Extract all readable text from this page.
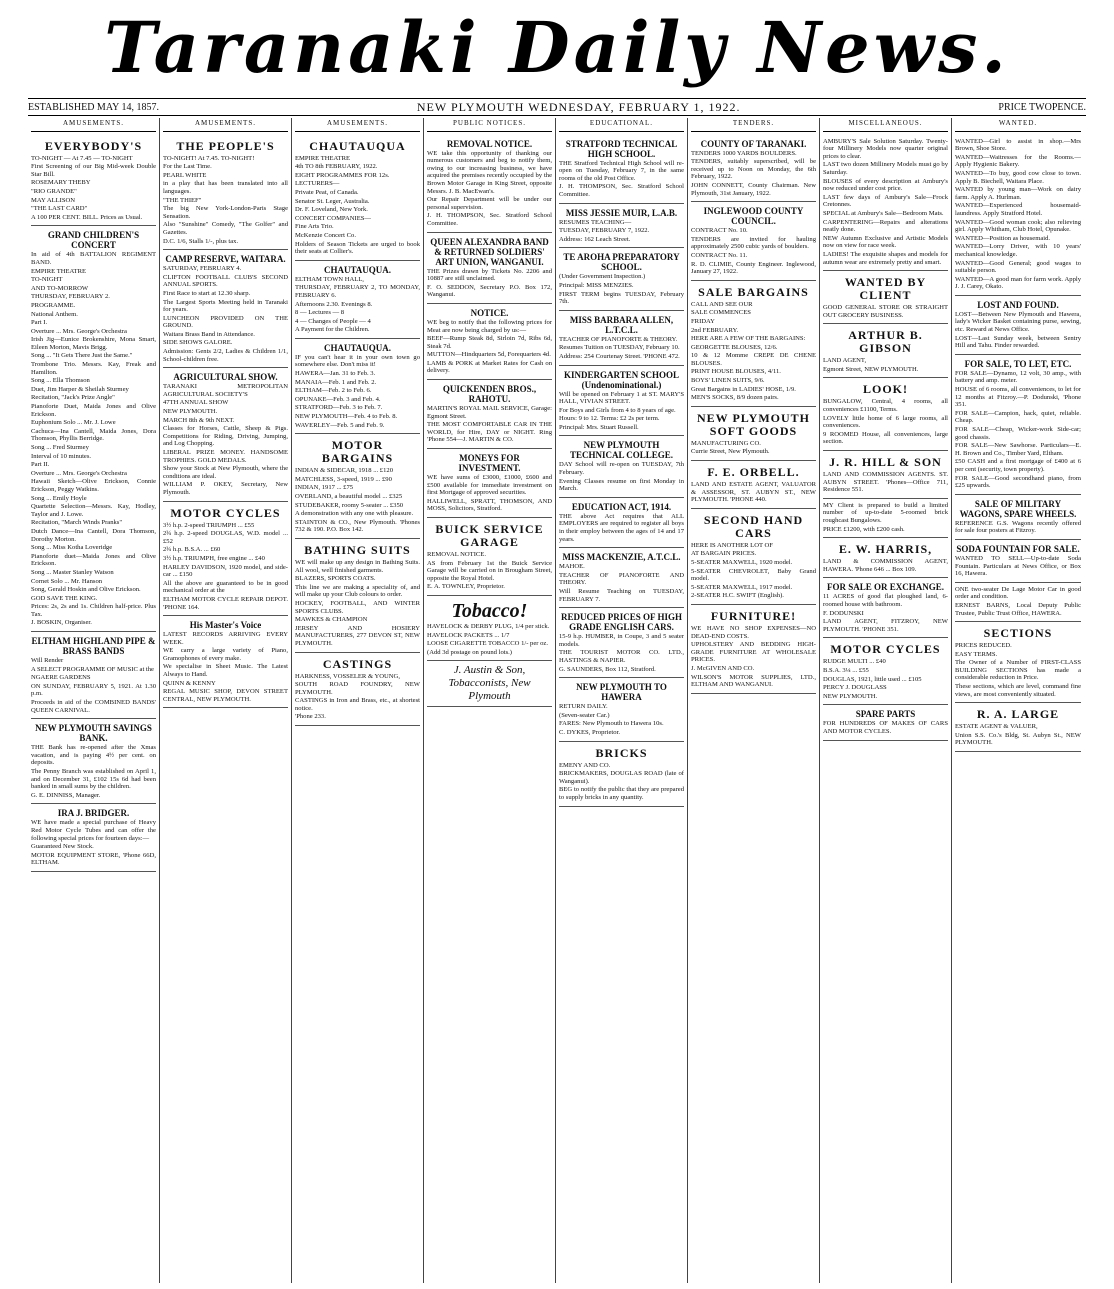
Taranaki Daily News.
ESTABLISHED MAY 14, 1857.	NEW PLYMOUTH WEDNESDAY, FEBRUARY 1, 1922.	PRICE TWOPENCE.
AMUSEMENTS.
EVERYBODY'S

TO-NIGHT — At 7.45 — TO-NIGHT

First Screening of our Big Mid-week Double Star Bill.

ROSEMARY THEBY

"RIO GRANDE"

MAY ALLISON

"THE LAST CARD"

A 100 PER CENT. BILL. Prices as Usual.

GRAND CHILDREN'S CONCERT

In aid of 4th BATTALION REGIMENT BAND.

EMPIRE THEATRE

TO-NIGHT

AND TO-MORROW

THURSDAY, FEBRUARY 2.

PROGRAMME.

National Anthem.

Part I.

Overture ... Mrs. George's Orchestra

Irish Jig—Eunice Brokenshire, Mona Smart, Eileen Morton, Mavis Brigg.

Song ... "It Gets There Just the Same."

Trombone Trio. Messrs. Kay, Freak and Hamilton.

Song ... Ella Thomson

Duet, Jim Harper & Sheilah Sturmey

Recitation, "Jack's Prize Angle"

Pianoforte Duet, Maida Jones and Olive Erickson.

Euphonium Solo ... Mr. J. Lowe

Cachuca—Ina Cantell, Maida Jones, Dora Thomson, Phyllis Berridge.

Song ... Fred Sturmey

Interval of 10 minutes.

Part II.

Overture ... Mrs. George's Orchestra

Hawaii Sketch—Olive Erickson, Connie Erickson, Peggy Watkins.

Song ... Emily Hoyle

Quartette Selection—Messrs. Kay, Hodley, Taylor and J. Lowe.

Recitation, "March Winds Pranks"

Dutch Dance—Ina Cantell, Dora Thomson, Dorothy Morton.

Song ... Miss Kotha Loveridge

Pianoforte duet—Maida Jones and Olive Erickson.

Song ... Master Stanley Watson

Cornet Solo ... Mr. Hanson

Song, Gerald Hoskin and Olive Erickson.

GOD SAVE THE KING.

Prices: 2s, 2s and 1s. Children half-price. Plus Tax.

J. BOSKIN, Organiser.

ELTHAM HIGHLAND PIPE & BRASS BANDS

Will Render

A SELECT PROGRAMME OF MUSIC at the

NGAERE GARDENS

ON SUNDAY, FEBRUARY 5, 1921. At 1.30 p.m.

Proceeds in aid of the COMBINED BANDS' QUEEN CARNIVAL.

NEW PLYMOUTH SAVINGS BANK.

THE Bank has re-opened after the Xmas vacation, and is paying 4½ per cent. on deposits.

The Penny Branch was established on April 1, and on December 31, £102 15s 6d had been banked in small sums by the children.

G. E. DINNISS, Manager.

IRA J. BRIDGER.

WE have made a special purchase of Heavy Red Motor Cycle Tubes and can offer the following special prices for fourteen days:—

Guaranteed New Stock.

MOTOR EQUIPMENT STORE, 'Phone 66D, ELTHAM.

AMUSEMENTS.
THE PEOPLE'S

TO-NIGHT! At 7.45. TO-NIGHT!

For the Last Time.

PEARL WHITE

in a play that has been translated into all languages.

"THE THIEF"

The big New York-London-Paris Stage Sensation.

Also "Sunshine" Comedy, "The Golfer" and Gazettes.

D.C. 1/6, Stalls 1/-, plus tax.

CAMP RESERVE, WAITARA.

SATURDAY, FEBRUARY 4.

CLIFTON FOOTBALL CLUB'S SECOND ANNUAL SPORTS.

First Race to start at 12.30 sharp.

The Largest Sports Meeting held in Taranaki for years.

LUNCHEON PROVIDED ON THE GROUND.

Waitara Brass Band in Attendance.

SIDE SHOWS GALORE.

Admission: Gents 2/2, Ladies & Children 1/1, School-children free.

AGRICULTURAL SHOW.

TARANAKI METROPOLITAN AGRICULTURAL SOCIETY'S

47TH ANNUAL SHOW

NEW PLYMOUTH.

MARCH 8th & 9th NEXT.

Classes for Horses, Cattle, Sheep & Pigs. Competitions for Riding, Driving, Jumping, and Log Chopping.

LIBERAL PRIZE MONEY. HANDSOME TROPHIES. GOLD MEDALS.

Show your Stock at New Plymouth, where the conditions are ideal.

WILLIAM P. OKEY, Secretary, New Plymouth.

MOTOR CYCLES

3½ h.p. 2-speed TRIUMPH ... £55

2¾ h.p. 2-speed DOUGLAS, W.D. model ... £52

2¾ h.p. B.S.A. ... £60

3½ h.p. TRIUMPH, free engine ... £40

HARLEY DAVIDSON, 1920 model, and side-car ... £150

All the above are guaranteed to be in good mechanical order at the

ELTHAM MOTOR CYCLE REPAIR DEPOT. 'PHONE 164.

His Master's Voice

LATEST RECORDS ARRIVING EVERY WEEK.

WE carry a large variety of Piano, Gramophones of every make.

We specialise in Sheet Music. The Latest Always to Hand.

QUINN & KENNY

REGAL MUSIC SHOP, DEVON STREET CENTRAL, NEW PLYMOUTH.

AMUSEMENTS.
CHAUTAUQUA

EMPIRE THEATRE

4th TO 8th FEBRUARY, 1922.

EIGHT PROGRAMMES FOR 12s.

LECTURERS—

Private Peat, of Canada.

Senator St. Leger, Australia.

Dr. F. Loveland, New York.

CONCERT COMPANIES—

Fine Arts Trio.

McKenzie Concert Co.

Holders of Season Tickets are urged to book their seats at Collier's.

CHAUTAUQUA.

ELTHAM TOWN HALL,

THURSDAY, FEBRUARY 2, TO MONDAY, FEBRUARY 6.

Afternoons 2.30. Evenings 8.

8 — Lectures — 8

4 — Changes of People — 4

A Payment for the Children.

CHAUTAUQUA.

IF you can't hear it in your own town go somewhere else. Don't miss it!

HAWERA—Jan. 31 to Feb. 3.

MANAIA—Feb. 1 and Feb. 2.

ELTHAM—Feb. 2 to Feb. 6.

OPUNAKE—Feb. 3 and Feb. 4.

STRATFORD—Feb. 3 to Feb. 7.

NEW PLYMOUTH—Feb. 4 to Feb. 8.

WAVERLEY—Feb. 5 and Feb. 9.

MOTOR BARGAINS

INDIAN & SIDECAR, 1918 ... £120

MATCHLESS, 3-speed, 1919 ... £90

INDIAN, 1917 ... £75

OVERLAND, a beautiful model ... £325

STUDEBAKER, roomy 5-seater ... £350

A demonstration with any one with pleasure.

STAINTON & CO., New Plymouth. 'Phones 732 & 190. P.O. Box 142.

BATHING SUITS

WE will make up any design in Bathing Suits. All wool, well finished garments.

BLAZERS, SPORTS COATS.

This line we are making a speciality of, and will make up your Club colours to order.

HOCKEY, FOOTBALL, AND WINTER SPORTS CLUBS.

MAWKES & CHAMPION

JERSEY AND HOSIERY MANUFACTURERS, 277 DEVON ST, NEW PLYMOUTH.

CASTINGS

HARKNESS, VOSSELER & YOUNG,

SOUTH ROAD FOUNDRY, NEW PLYMOUTH.

CASTINGS in Iron and Brass, etc., at shortest notice.

'Phone 233.

PUBLIC NOTICES.
REMOVAL NOTICE.

WE take this opportunity of thanking our numerous customers and beg to notify them, owing to our increasing business, we have acquired the premises recently occupied by the Brown Motor Garage in King Street, opposite Messrs. J. B. MacEwan's.

Our Repair Department will be under our personal supervision.

J. H. THOMPSON, Sec. Stratford School Committee.

QUEEN ALEXANDRA BAND & RETURNED SOLDIERS' ART UNION, WANGANUI.

THE Prizes drawn by Tickets No. 2206 and 10887 are still unclaimed.

F. O. SEDDON, Secretary P.O. Box 172, Wanganui.

NOTICE.

WE beg to notify that the following prices for Meat are now being charged by us:—

BEEF—Rump Steak 8d, Sirloin 7d, Ribs 6d, Steak 7d.

MUTTON—Hindquarters 5d, Forequarters 4d.

LAMB & PORK at Market Rates for Cash on delivery.

QUICKENDEN BROS., RAHOTU.

MARTIN'S ROYAL MAIL SERVICE, Garage: Egmont Street.

THE MOST COMFORTABLE CAR IN THE WORLD, for Hire, DAY or NIGHT. Ring 'Phone 554—J. MARTIN & CO.

MONEYS FOR INVESTMENT.

WE have sums of £3000, £1000, £600 and £500 available for immediate investment on first Mortgage of approved securities.

HALLIWELL, SPRATT, THOMSON, AND MOSS, Solicitors, Stratford.

BUICK SERVICE GARAGE

REMOVAL NOTICE.

AS from February 1st the Buick Service Garage will be carried on in Brougham Street, opposite the Royal Hotel.

E. A. TOWNLEY, Proprietor.

Tobacco!

HAVELOCK & DERBY PLUG, 1/4 per stick.

HAVELOCK PACKETS ... 1/7

LOOSE CIGARETTE TOBACCO 1/- per oz.

(Add 3d postage on pound lots.)

J. Austin & Son, Tobacconists, New Plymouth
EDUCATIONAL.
STRATFORD TECHNICAL HIGH SCHOOL.

THE Stratford Technical High School will re-open on Tuesday, February 7, in the same rooms of the old Post Office.

J. H. THOMPSON, Sec. Stratford School Committee.

MISS JESSIE MUIR, L.A.B.

RESUMES TEACHING—

TUESDAY, FEBRUARY 7, 1922.

Address: 162 Leach Street.

TE AROHA PREPARATORY SCHOOL.

(Under Government Inspection.)

Principal: MISS MENZIES.

FIRST TERM begins TUESDAY, February 7th.

MISS BARBARA ALLEN, L.T.C.L.

TEACHER OF PIANOFORTE & THEORY.

Resumes Tuition on TUESDAY, February 10.

Address: 254 Courtenay Street. 'PHONE 472.

KINDERGARTEN SCHOOL (Undenominational.)

Will be opened on February 1 at ST. MARY'S HALL, VIVIAN STREET.

For Boys and Girls from 4 to 8 years of age.

Hours: 9 to 12. Terms: £2 2s per term.

Principal: Mrs. Stuart Russell.

NEW PLYMOUTH TECHNICAL COLLEGE.

DAY School will re-open on TUESDAY, 7th February.

Evening Classes resume on first Monday in March.

EDUCATION ACT, 1914.

THE above Act requires that ALL EMPLOYERS are required to register all boys in their employ between the ages of 14 and 17 years.

MISS MACKENZIE, A.T.C.L.

MAHOE.

TEACHER OF PIANOFORTE AND THEORY.

Will Resume Teaching on TUESDAY, FEBRUARY 7.

REDUCED PRICES OF HIGH GRADE ENGLISH CARS.

15-9 h.p. HUMBER, in Coupe, 3 and 5 seater models.

THE TOURIST MOTOR CO. LTD., HASTINGS & NAPIER.

G. SAUNDERS, Box 112, Stratford.

NEW PLYMOUTH TO HAWERA

RETURN DAILY.

(Seven-seater Car.)

FARES: New Plymouth to Hawera 10s.

C. DYKES, Proprietor.

BRICKS

EMENY AND CO.

BRICKMAKERS, DOUGLAS ROAD (late of Wanganui).

BEG to notify the public that they are prepared to supply bricks in any quantity.

TENDERS.
COUNTY OF TARANAKI.

TENDERS 1000 YARDS BOULDERS.

TENDERS, suitably superscribed, will be received up to Noon on Monday, the 6th February, 1922.

JOHN CONNETT, County Chairman. New Plymouth, 31st January, 1922.

INGLEWOOD COUNTY COUNCIL.

CONTRACT No. 10.

TENDERS are invited for hauling approximately 2500 cubic yards of boulders.

CONTRACT No. 11.

R. D. CLIMIE, County Engineer. Inglewood, January 27, 1922.

SALE BARGAINS

CALL AND SEE OUR

SALE COMMENCES

FRIDAY

2nd FEBRUARY.

HERE ARE A FEW OF THE BARGAINS:

GEORGETTE BLOUSES, 12/6.

10 & 12 Momme CREPE DE CHENE BLOUSES.

PRINT HOUSE BLOUSES, 4/11.

BOYS' LINEN SUITS, 9/6.

Great Bargains in LADIES' HOSE, 1/9.

MEN'S SOCKS, 8/9 dozen pairs.

NEW PLYMOUTH SOFT GOODS

MANUFACTURING CO.

Currie Street, New Plymouth.

F. E. ORBELL.

LAND AND ESTATE AGENT, VALUATOR & ASSESSOR, ST. AUBYN ST., NEW PLYMOUTH. 'PHONE 440.

SECOND HAND CARS

HERE IS ANOTHER LOT OF

AT BARGAIN PRICES.

5-SEATER MAXWELL, 1920 model.

5-SEATER CHEVROLET, Baby Grand model.

5-SEATER MAXWELL, 1917 model.

2-SEATER H.C. SWIFT (English).

FURNITURE!

WE HAVE NO SHOP EXPENSES—NO DEAD-END COSTS.

UPHOLSTERY AND BEDDING HIGH-GRADE FURNITURE AT WHOLESALE PRICES.

J. McGIVEN AND CO.

WILSON'S MOTOR SUPPLIES, LTD., ELTHAM AND WANGANUI.

MISCELLANEOUS.

AMBURY'S Sale Solution Saturday. Twenty-four Millinery Models now quarter original prices to clear.

LAST two dozen Millinery Models must go by Saturday.

BLOUSES of every description at Ambury's now reduced under cost price.

LAST few days of Ambury's Sale—Frock Cretonnes.

SPECIAL at Ambury's Sale—Bedroom Mats.

CARPENTERING—Repairs and alterations neatly done.

NEW Autumn Exclusive and Artistic Models now on view for race week.

LADIES! The exquisite shapes and models for autumn wear are extremely pretty and smart.

WANTED BY CLIENT

GOOD GENERAL STORE OR STRAIGHT OUT GROCERY BUSINESS.

ARTHUR B. GIBSON

LAND AGENT,

Egmont Street, NEW PLYMOUTH.

LOOK!

BUNGALOW, Central, 4 rooms, all conveniences £1100, Terms.

LOVELY little home of 6 large rooms, all conveniences.

9 ROOMED House, all conveniences, large section.

J. R. HILL & SON

LAND AND COMMISSION AGENTS. ST. AUBYN STREET. 'Phones—Office 711, Residence 551.

MY Client is prepared to build a limited number of up-to-date 5-roomed brick roughcast Bungalows.

PRICE £1200, with £200 cash.

E. W. HARRIS,

LAND & COMMISSION AGENT, HAWERA. 'Phone 646 ... Box 109.

FOR SALE OR EXCHANGE.

11 ACRES of good flat ploughed land, 6-roomed house with bathroom.

F. DODUNSKI

LAND AGENT, FITZROY, NEW PLYMOUTH. 'PHONE 351.

MOTOR CYCLES

RUDGE MULTI ... £40

B.S.A. 3¼ ... £55

DOUGLAS, 1921, little used ... £105

PERCY J. DOUGLASS

NEW PLYMOUTH.

SPARE PARTS

FOR HUNDREDS OF MAKES OF CARS AND MOTOR CYCLES.

WANTED.

WANTED—Girl to assist in shop.—Mrs Brown, Shoe Store.

WANTED—Waitresses for the Rooms.—Apply Hygienic Bakery.

WANTED—To buy, good cow close to town. Apply B. Biechell, Waitara Place.

WANTED by young man—Work on dairy farm. Apply A. Hurlman.

WANTED—Experienced housemaid-laundress. Apply Stratford Hotel.

WANTED—Good woman cook; also relieving girl. Apply Whitham, Club Hotel, Opunake.

WANTED—Position as housemaid.

WANTED—Lorry Driver, with 10 years' mechanical knowledge.

WANTED—Good General; good wages to suitable person.

WANTED—A good man for farm work. Apply J. J. Carey, Okato.

LOST AND FOUND.

LOST—Between New Plymouth and Hawera, lady's Wicker Basket containing purse, sewing, etc. Reward at News Office.

LOST—Last Sunday week, between Sentry Hill and Tahu. Finder rewarded.

FOR SALE, TO LET, ETC.

FOR SALE—Dynamo, 12 volt, 30 amp., with battery and amp. meter.

HOUSE of 6 rooms, all conveniences, to let for 12 months at Fitzroy.—P. Dodunski, 'Phone 351.

FOR SALE—Campion, hack, quiet, reliable. Cheap.

FOR SALE—Cheap, Wicker-work Side-car; good chassis.

FOR SALE—New Sawhorse. Particulars—E. H. Brown and Co., Timber Yard, Eltham.

£50 CASH and a first mortgage of £400 at 6 per cent (security, town property).

FOR SALE—Good secondhand piano, from £25 upwards.

SALE OF MILITARY WAGONS, SPARE WHEELS.

REFERENCE G.S. Wagons recently offered for sale four posters at Fitzroy.

SODA FOUNTAIN FOR SALE.

WANTED TO SELL—Up-to-date Soda Fountain. Particulars at News Office, or Box 16, Hawera.

ONE two-seater De Lage Motor Car in good order and condition.

ERNEST BARNS, Local Deputy Public Trustee, Public Trust Office, HAWERA.

SECTIONS

PRICES REDUCED.

EASY TERMS.

The Owner of a Number of FIRST-CLASS BUILDING SECTIONS has made a considerable reduction in Price.

These sections, which are level, command fine views, are most conveniently situated.

R. A. LARGE

ESTATE AGENT & VALUER,

Union S.S. Co.'s Bldg, St. Aubyn St., NEW PLYMOUTH.
